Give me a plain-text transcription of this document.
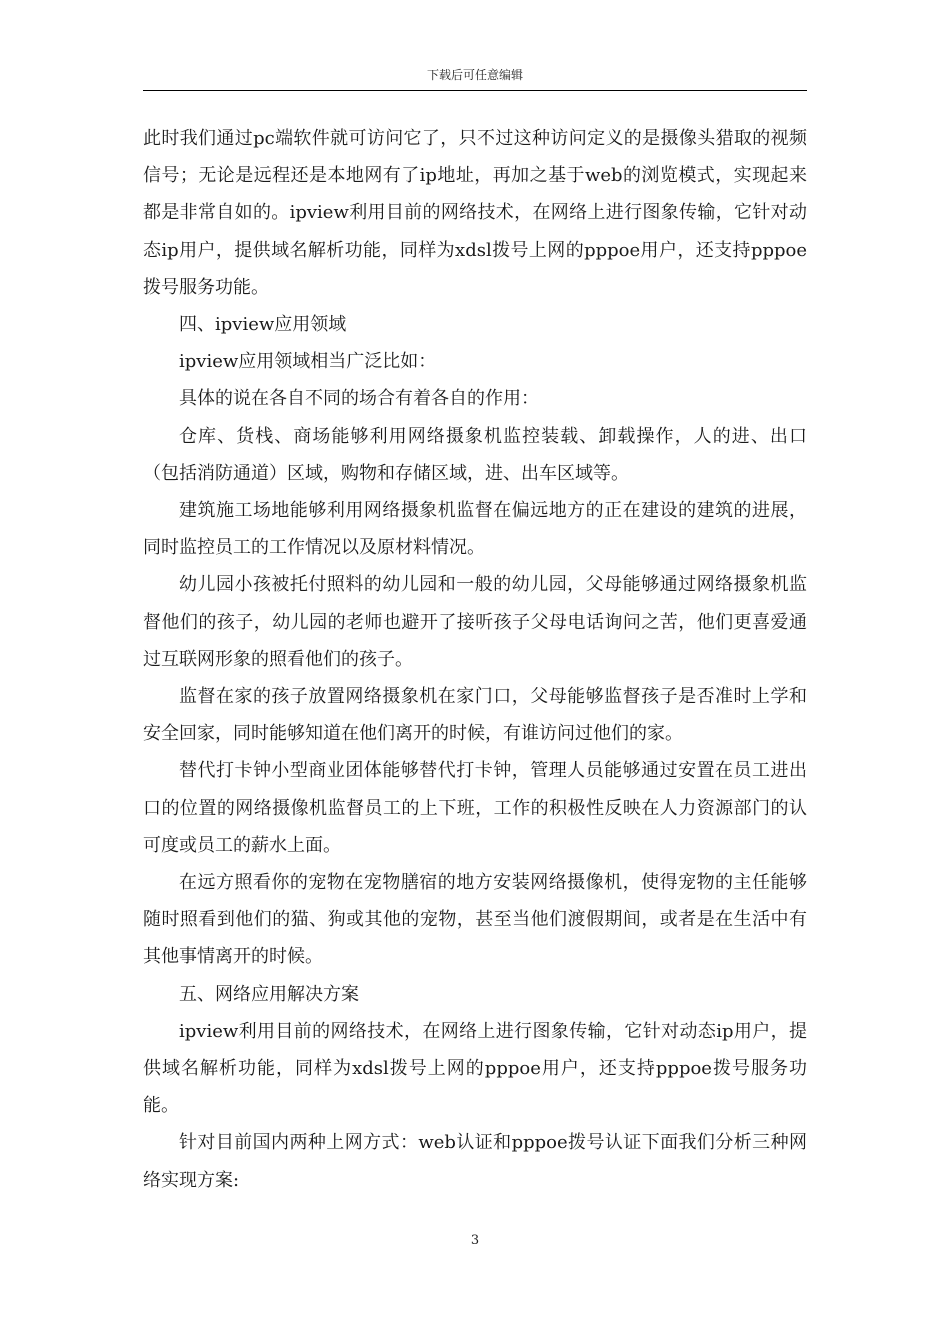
下载后可任意编辑

此时我们通过pc端软件就可访问它了，只不过这种访问定义的是摄像头猎取的视频信号；无论是远程还是本地网有了ip地址，再加之基于web的浏览模式，实现起来都是非常自如的。ipview利用目前的网络技术，在网络上进行图象传输，它针对动态ip用户，提供域名解析功能，同样为xdsl拨号上网的pppoe用户，还支持pppoe拨号服务功能。

四、ipview应用领域

ipview应用领域相当广泛比如：

具体的说在各自不同的场合有着各自的作用：

仓库、货栈、商场能够利用网络摄象机监控装载、卸载操作，人的进、出口（包括消防通道）区域，购物和存储区域，进、出车区域等。

建筑施工场地能够利用网络摄象机监督在偏远地方的正在建设的建筑的进展，同时监控员工的工作情况以及原材料情况。

幼儿园小孩被托付照料的幼儿园和一般的幼儿园，父母能够通过网络摄象机监督他们的孩子，幼儿园的老师也避开了接听孩子父母电话询问之苦，他们更喜爱通过互联网形象的照看他们的孩子。

监督在家的孩子放置网络摄象机在家门口，父母能够监督孩子是否准时上学和安全回家，同时能够知道在他们离开的时候，有谁访问过他们的家。

替代打卡钟小型商业团体能够替代打卡钟，管理人员能够通过安置在员工进出口的位置的网络摄像机监督员工的上下班，工作的积极性反映在人力资源部门的认可度或员工的薪水上面。

在远方照看你的宠物在宠物膳宿的地方安装网络摄像机，使得宠物的主任能够随时照看到他们的猫、狗或其他的宠物，甚至当他们渡假期间，或者是在生活中有其他事情离开的时候。

五、网络应用解决方案

ipview利用目前的网络技术，在网络上进行图象传输，它针对动态ip用户，提供域名解析功能，同样为xdsl拨号上网的pppoe用户，还支持pppoe拨号服务功能。

针对目前国内两种上网方式：web认证和pppoe拨号认证下面我们分析三种网络实现方案:

3
